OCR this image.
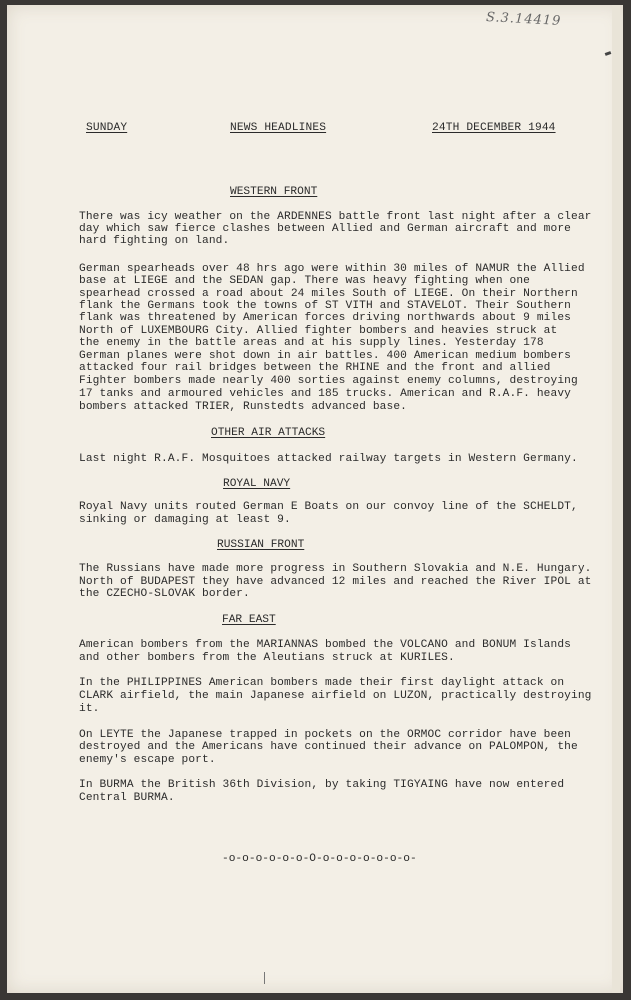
S.3.14419
SUNDAY	NEWS HEADLINES	24TH DECEMBER 1944
WESTERN FRONT
There was icy weather on the ARDENNES battle front last night after a clear
day which saw fierce clashes between Allied and German aircraft and more
hard fighting on land.
German spearheads over 48 hrs ago were within 30 miles of NAMUR the Allied
base at LIEGE and the SEDAN gap. There was heavy fighting when one
spearhead crossed a road about 24 miles South of LIEGE. On their Northern
flank the Germans took the towns of ST VITH and STAVELOT. Their Southern
flank was threatened by American forces driving northwards about 9 miles
North of LUXEMBOURG City. Allied fighter bombers and heavies struck at
the enemy in the battle areas and at his supply lines. Yesterday 178
German planes were shot down in air battles. 400 American medium bombers
attacked four rail bridges between the RHINE and the front and allied
Fighter bombers made nearly 400 sorties against enemy columns, destroying
17 tanks and armoured vehicles and 185 trucks. American and R.A.F. heavy
bombers attacked TRIER, Runstedts advanced base.
OTHER AIR ATTACKS
Last night R.A.F. Mosquitoes attacked railway targets in Western Germany.
ROYAL NAVY
Royal Navy units routed German E Boats on our convoy line of the SCHELDT,
sinking or damaging at least 9.
RUSSIAN FRONT
The Russians have made more progress in Southern Slovakia and N.E. Hungary.
North of BUDAPEST they have advanced 12 miles and reached the River IPOL at
the CZECHO-SLOVAK border.
FAR EAST
American bombers from the MARIANNAS bombed the VOLCANO and BONUM Islands
and other bombers from the Aleutians struck at KURILES.
In the PHILIPPINES American bombers made their first daylight attack on
CLARK airfield, the main Japanese airfield on LUZON, practically destroying
it.
On LEYTE the Japanese trapped in pockets on the ORMOC corridor have been
destroyed and the Americans have continued their advance on PALOMPON, the
enemy's escape port.
In BURMA the British 36th Division, by taking TIGYAING have now entered
Central BURMA.
-o-o-o-o-o-o-O-o-o-o-o-o-o-o-
